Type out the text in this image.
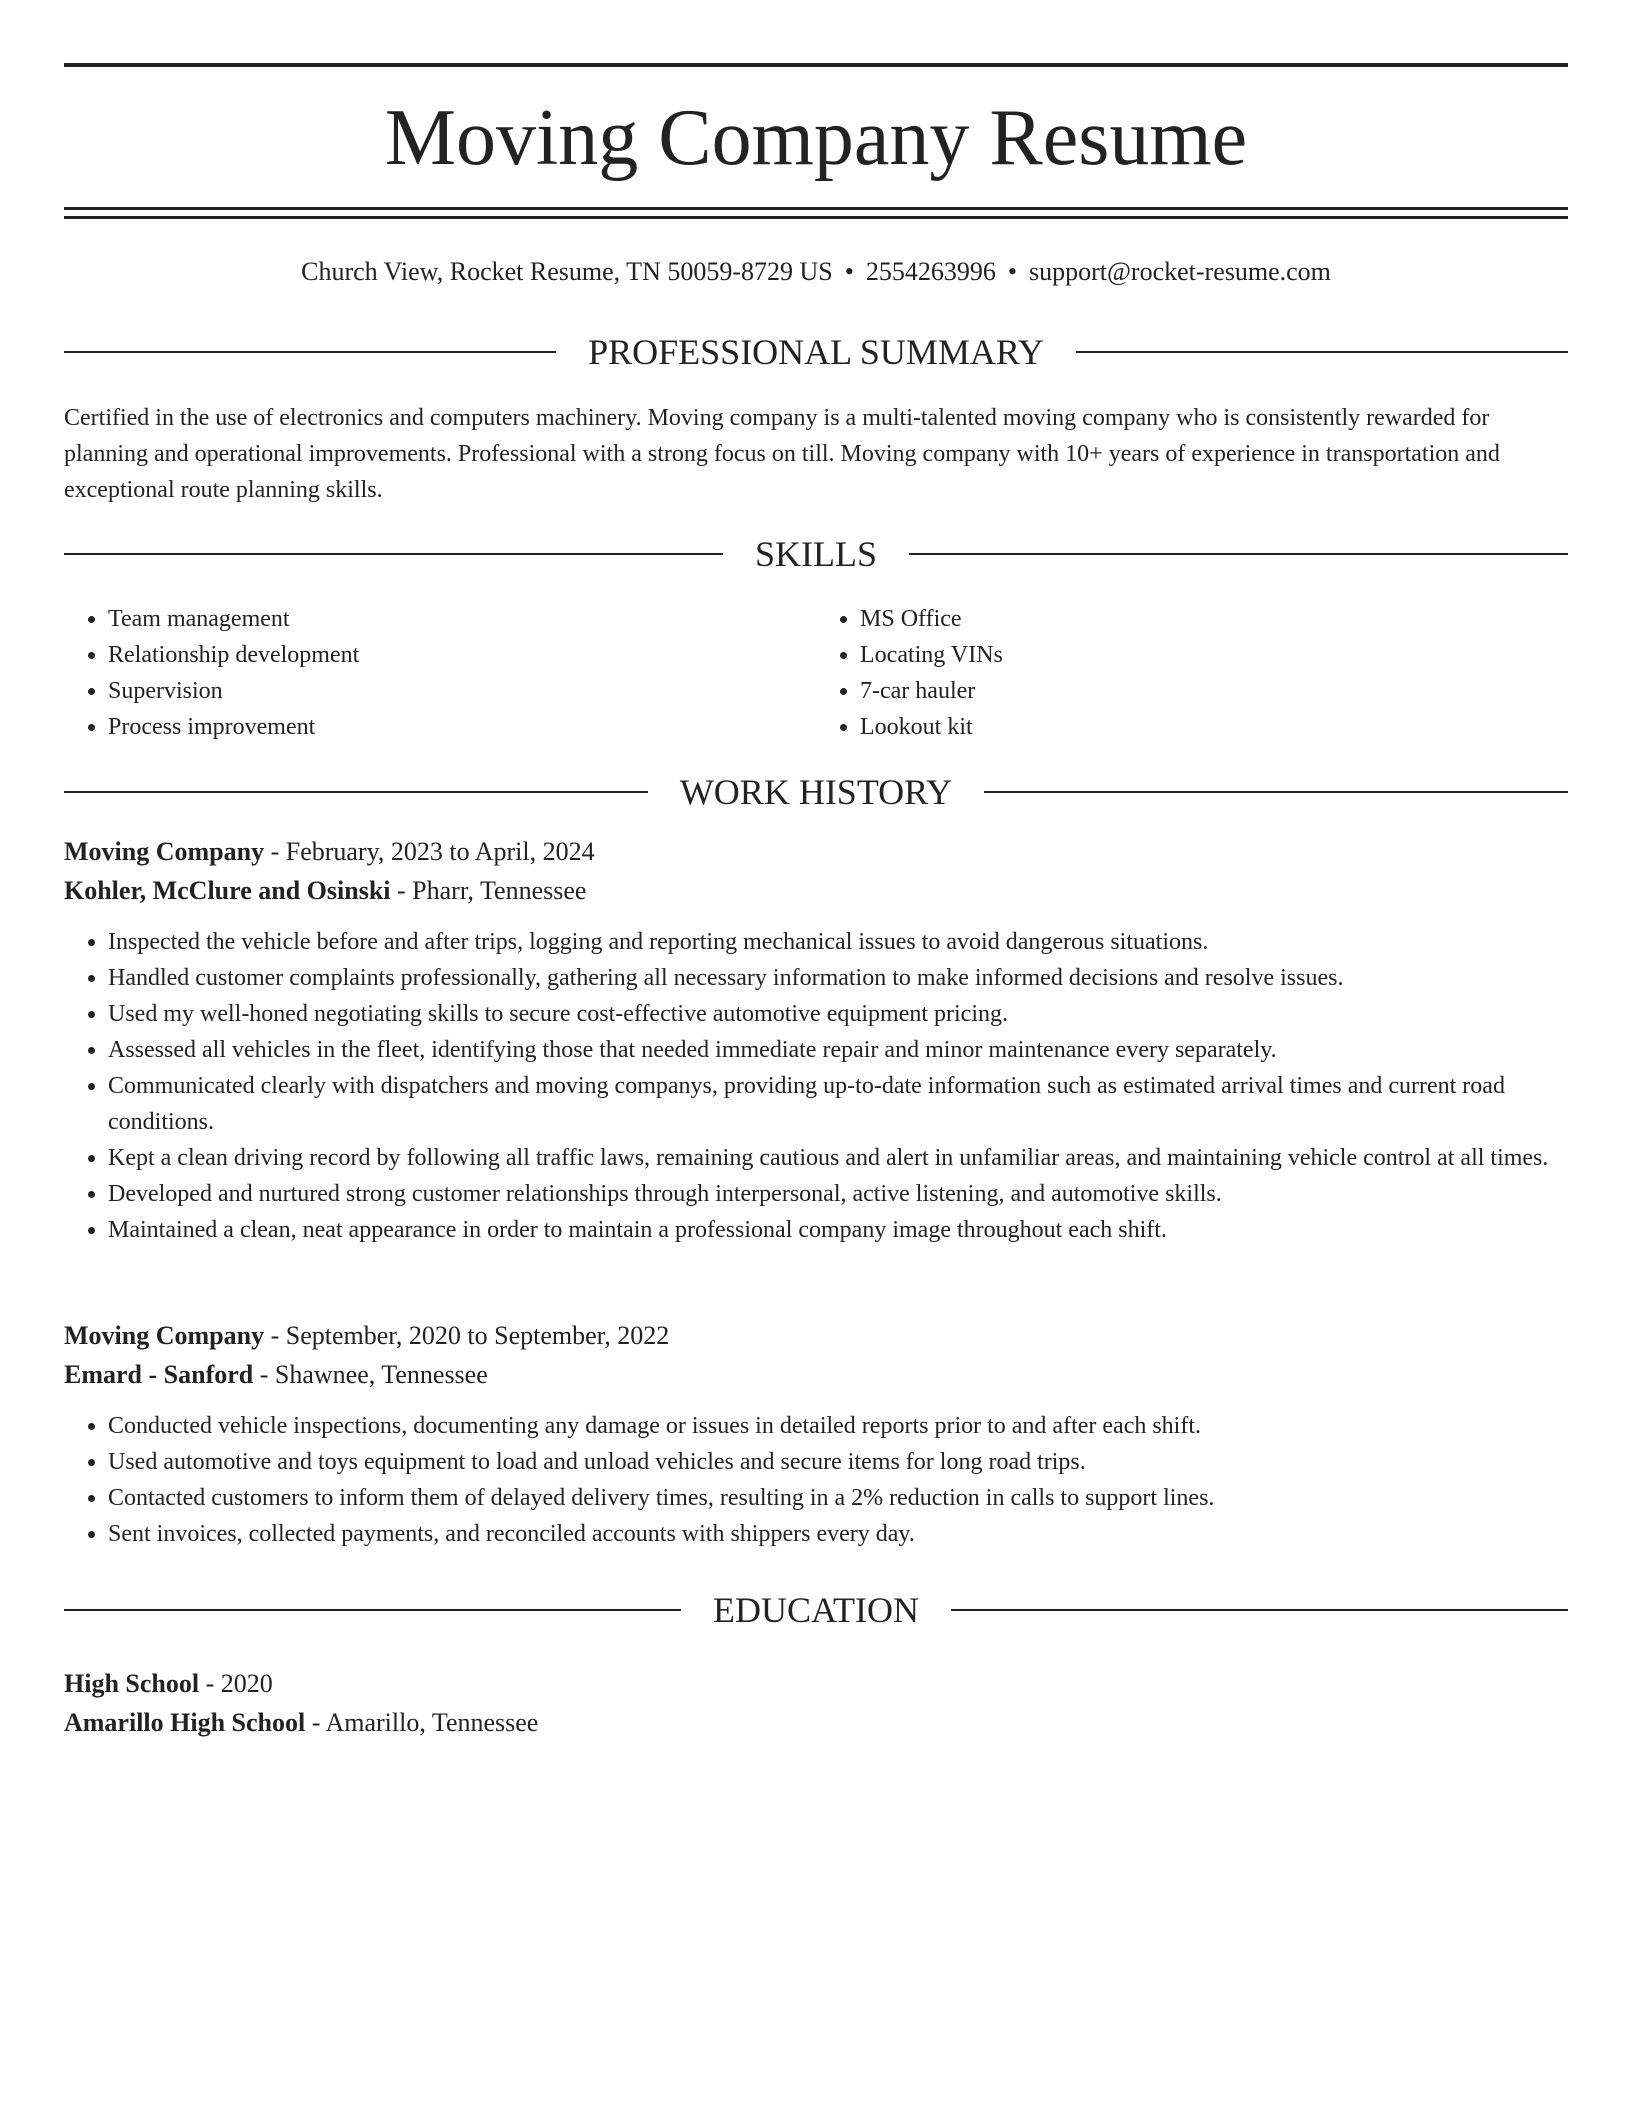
Moving Company Resume
Church View, Rocket Resume, TN 50059-8729 US • 2554263996 • support@rocket-resume.com
PROFESSIONAL SUMMARY

Certified in the use of electronics and computers machinery. Moving company is a multi-talented moving company who is consistently rewarded for planning and operational improvements. Professional with a strong focus on till. Moving company with 10+ years of experience in transportation and exceptional route planning skills.

SKILLS
• Team management
• Relationship development
• Supervision
• Process improvement
• MS Office
• Locating VINs
• 7-car hauler
• Lookout kit
WORK HISTORY
Moving Company - February, 2023 to April, 2024
Kohler, McClure and Osinski - Pharr, Tennessee
• Inspected the vehicle before and after trips, logging and reporting mechanical issues to avoid dangerous situations.
• Handled customer complaints professionally, gathering all necessary information to make informed decisions and resolve issues.
• Used my well-honed negotiating skills to secure cost-effective automotive equipment pricing.
• Assessed all vehicles in the fleet, identifying those that needed immediate repair and minor maintenance every separately.
• Communicated clearly with dispatchers and moving companys, providing up-to-date information such as estimated arrival times and current road conditions.
• Kept a clean driving record by following all traffic laws, remaining cautious and alert in unfamiliar areas, and maintaining vehicle control at all times.
• Developed and nurtured strong customer relationships through interpersonal, active listening, and automotive skills.
• Maintained a clean, neat appearance in order to maintain a professional company image throughout each shift.
Moving Company - September, 2020 to September, 2022
Emard - Sanford - Shawnee, Tennessee
• Conducted vehicle inspections, documenting any damage or issues in detailed reports prior to and after each shift.
• Used automotive and toys equipment to load and unload vehicles and secure items for long road trips.
• Contacted customers to inform them of delayed delivery times, resulting in a 2% reduction in calls to support lines.
• Sent invoices, collected payments, and reconciled accounts with shippers every day.
EDUCATION
High School - 2020
Amarillo High School - Amarillo, Tennessee
